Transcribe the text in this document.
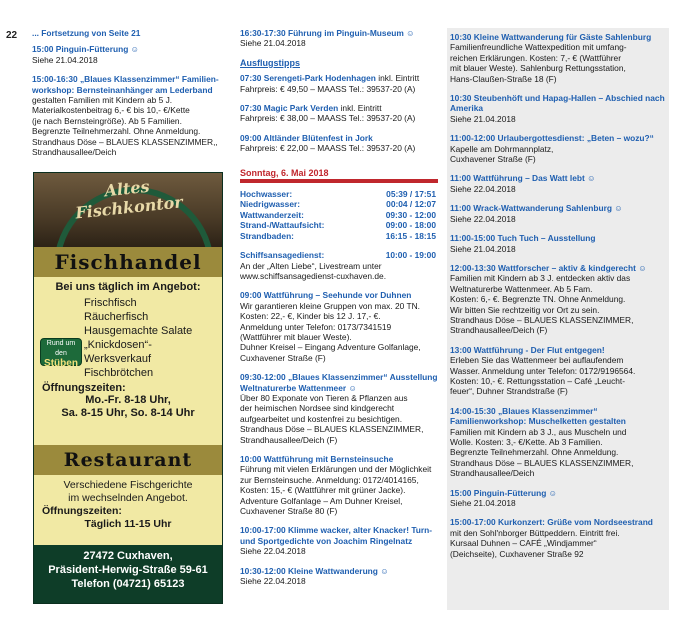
22 ... Fortsetzung von Seite 21
15:00 Pinguin-Fütterung ☺
Siehe 21.04.2018
15:00-16:30 „Blaues Klassenzimmer“ Familien-workshop: Bernsteinanhänger am Lederband
gestalten Familien mit Kindern ab 5 J.
Materialkostenbeitrag 6,- € bis 10,- €/Kette
(je nach Bernsteingröße). Ab 5 Familien.
Begrenzte Teilnehmerzahl. Ohne Anmeldung.
Strandhaus Döse – BLAUES KLASSENZIMMER,,
Strandhausallee/Deich
Altes Fischkontor
Fischhandel
Bei uns täglich im Angebot:
Frischfisch
Räucherfisch
Hausgemachte Salate
„Knickdosen“-
Werksverkauf
Fischbrötchen
Rund um den
Stüben
Öffnungszeiten:
Mo.-Fr. 8-18 Uhr,
Sa. 8-15 Uhr, So. 8-14 Uhr
Restaurant
Verschiedene Fischgerichte
im wechselnden Angebot.
Öffnungszeiten:
Täglich 11-15 Uhr
27472 Cuxhaven,
Präsident-Herwig-Straße 59-61
Telefon (04721) 65123
16:30-17:30 Führung im Pinguin-Museum ☺
Siehe 21.04.2018
Ausflugstipps
07:30 Serengeti-Park Hodenhagen inkl. Eintritt
Fahrpreis: € 49,50 – MAASS Tel.: 39537-20 (A)
07:30 Magic Park Verden inkl. Eintritt
Fahrpreis: € 38,00 – MAASS Tel.: 39537-20 (A)
09:00 Altländer Blütenfest in Jork
Fahrpreis: € 22,00 – MAASS Tel.: 39537-20 (A)
Sonntag, 6. Mai 2018
Hochwasser:	05:39 / 17:51
Niedrigwasser:	00:04 / 12:07
Wattwanderzeit:	09:30 - 12:00
Strand-/Wattaufsicht:	09:00 - 18:00
Strandbaden:	16:15 - 18:15
Schiffsansagedienst:	10:00 - 19:00
An der „Alten Liebe“, Livestream unter
www.schiffsansagedienst-cuxhaven.de.
09:00 Wattführung – Seehunde vor Duhnen
Wir garantieren kleine Gruppen von max. 20 TN.
Kosten: 22,- €, Kinder bis 12 J. 17,- €.
Anmeldung unter Telefon: 0173/7341519
(Wattführer mit blauer Weste).
Duhner Kreisel – Eingang Adventure Golfanlage,
Cuxhavener Straße (F)
09:30-12:00 „Blaues Klassenzimmer“ Ausstellung Weltnaturerbe Wattenmeer ☺
Über 80 Exponate von Tieren & Pflanzen aus
der heimischen Nordsee sind kindgerecht
aufgearbeitet und kostenfrei zu besichtigen.
Strandhaus Döse – BLAUES KLASSENZIMMER,
Strandhausallee/Deich (F)
10:00 Wattführung mit Bernsteinsuche
Führung mit vielen Erklärungen und der Möglichkeit
zur Bernsteinsuche. Anmeldung: 0172/4014165,
Kosten: 15,- € (Wattführer mit grüner Jacke).
Adventure Golfanlage – Am Duhner Kreisel,
Cuxhavener Straße 80 (F)
10:00-17:00 Klimme wacker, alter Knacker! Turn- und Sportgedichte von Joachim Ringelnatz
Siehe 22.04.2018
10:30-12:00 Kleine Wattwanderung ☺
Siehe 22.04.2018
10:30 Kleine Wattwanderung für Gäste Sahlenburg
Familienfreundliche Wattexpedition mit umfang-
reichen Erklärungen. Kosten: 7,- € (Wattführer
mit blauer Weste). Sahlenburg Rettungsstation,
Hans-Claußen-Straße 18 (F)
10:30 Steubenhöft und Hapag-Hallen – Abschied nach Amerika
Siehe 21.04.2018
11:00-12:00 Urlaubergottesdienst: „Beten – wozu?“
Kapelle am Dohrmannplatz,
Cuxhavener Straße (F)
11:00 Wattführung – Das Watt lebt ☺
Siehe 22.04.2018
11:00 Wrack-Wattwanderung Sahlenburg ☺
Siehe 22.04.2018
11:00-15:00 Tuch Tuch – Ausstellung
Siehe 21.04.2018
12:00-13:30 Wattforscher – aktiv & kindgerecht ☺
Familien mit Kindern ab 3 J. entdecken aktiv das
Weltnaturerbe Wattenmeer. Ab 5 Fam.
Kosten: 6,- €. Begrenzte TN. Ohne Anmeldung.
Wir bitten Sie rechtzeitig vor Ort zu sein.
Strandhaus Döse – BLAUES KLASSENZIMMER,
Strandhausallee/Deich (F)
13:00 Wattführung - Der Flut entgegen!
Erleben Sie das Wattenmeer bei auflaufendem
Wasser. Anmeldung unter Telefon: 0172/9196564.
Kosten: 10,- €. Rettungsstation – Café „Leucht-
feuer“, Duhner Strandstraße (F)
14:00-15:30 „Blaues Klassenzimmer“ Familienworkshop: Muschelketten gestalten
Familien mit Kindern ab 3 J., aus Muscheln und
Wolle. Kosten: 3,- €/Kette. Ab 3 Familien.
Begrenzte Teilnehmerzahl. Ohne Anmeldung.
Strandhaus Döse – BLAUES KLASSENZIMMER,
Strandhausallee/Deich
15:00 Pinguin-Fütterung ☺
Siehe 21.04.2018
15:00-17:00 Kurkonzert: Grüße vom Nordseestrand
mit den Sohl'nborger Büttpeddern. Eintritt frei.
Kursaal Duhnen – CAFÉ „Windjammer“
(Deichseite), Cuxhavener Straße 92
